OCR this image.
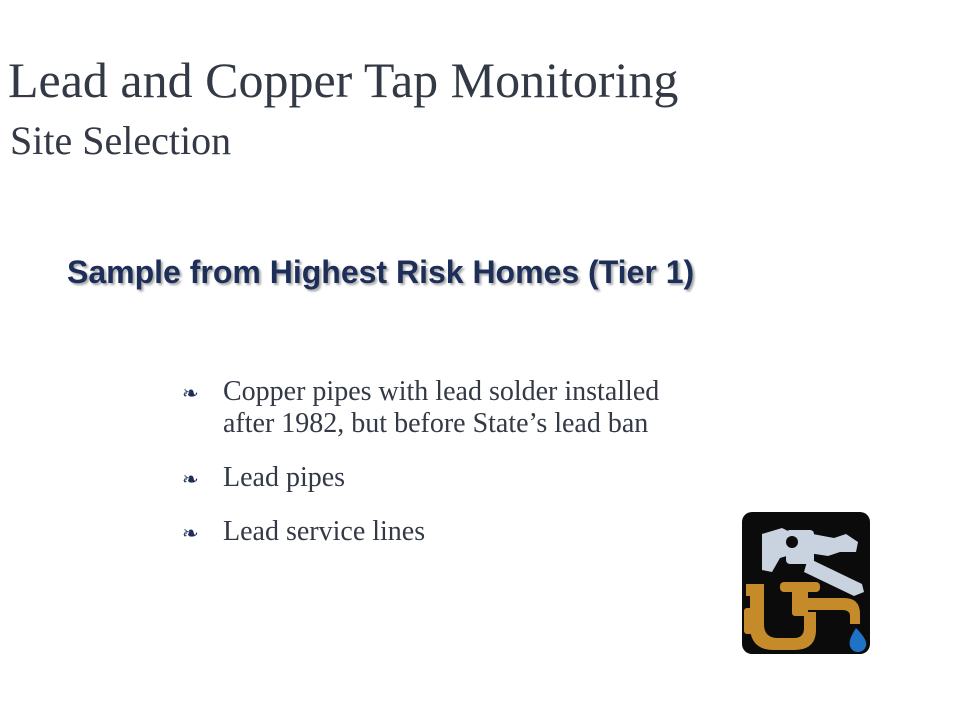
Lead and Copper Tap Monitoring
Site Selection
Sample from Highest Risk Homes (Tier 1)
❧ Copper pipes with lead solder installed after 1982, but before State’s lead ban
❧ Lead pipes
❧ Lead service lines
